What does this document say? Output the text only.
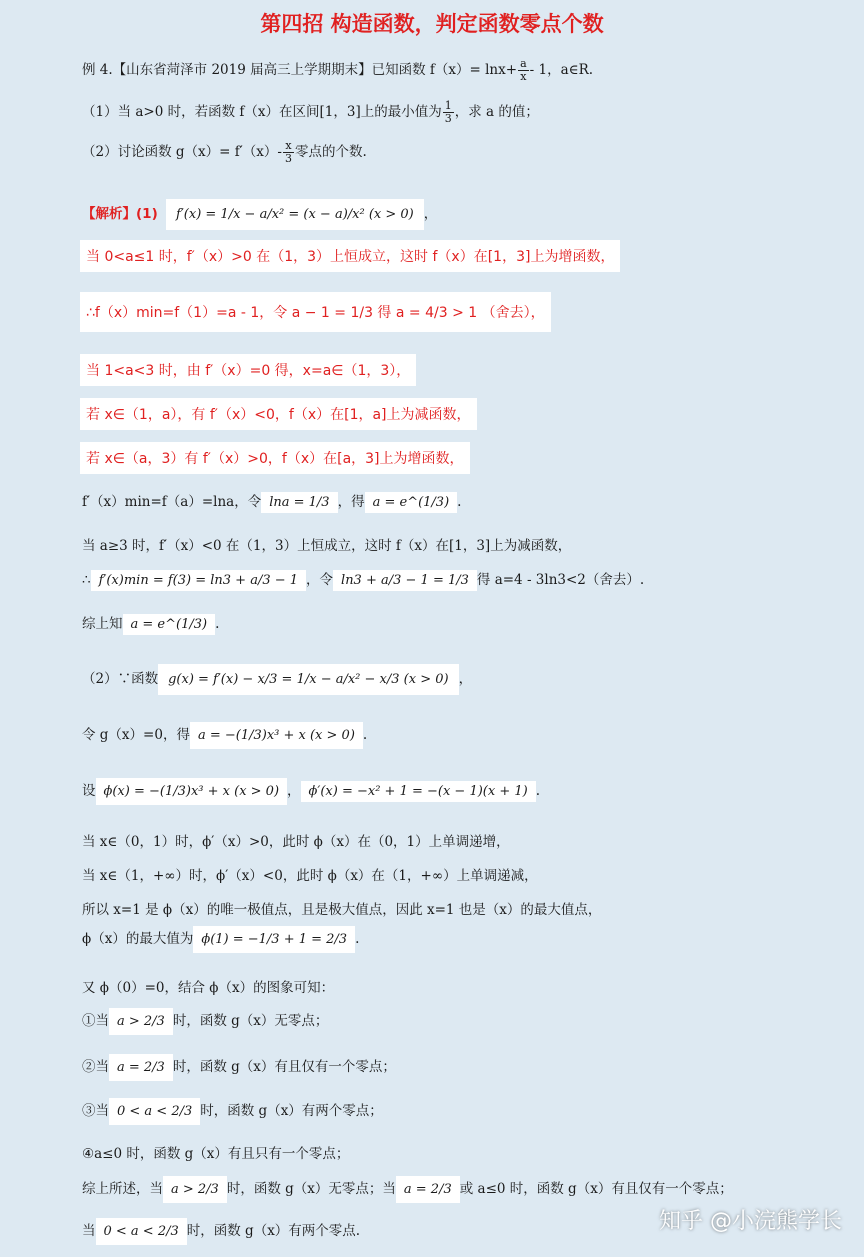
第四招 构造函数，判定函数零点个数
例 4.【山东省菏泽市 2019 届高三上学期期末】已知函数 $f(x)= \ln x+ \frac{a}{x} - 1$，a∈R.
（1）当 a>0 时，若函数 f（x）在区间[1，3]上的最小值为 $\frac{1}{3}$ ，求 a 的值；
（2）讨论函数 $g(x)= f'(x)- \frac{x}{3}$ 零点的个数.
【解析】(1) f′(x) = 1/x − a/x² = (x − a)/x² (x > 0) ，
当 0<a≤1 时，f′（x）>0 在（1，3）上恒成立，这时 f（x）在[1，3]上为增函数，
∴f（x）min=f（1）=a - 1，令 a − 1 = 1/3 得 a = 4/3 > 1 （舍去），
当 1<a<3 时，由 f′（x）=0 得，x=a∈（1，3），
若 x∈（1，a），有 f′（x）<0，f（x）在[1，a]上为减函数，
若 x∈（a，3）有 f′（x）>0，f（x）在[a，3]上为增函数，
f′（x）min=f（a）=lna，令 lna = 1/3 ，得 a = e^(1/3) .
当 a≥3 时，f′（x）<0 在（1，3）上恒成立，这时 f（x）在[1，3]上为减函数，
∴ f′(x)min = f(3) = ln3 + a/3 − 1 ，令 ln3 + a/3 − 1 = 1/3 得 a=4 - 3ln3<2（舍去）.
综上知 a = e^(1/3) .
（2）∵函数 g(x) = f′(x) − x/3 = 1/x − a/x² − x/3 (x > 0) ，
令 g（x）=0，得 a = −(1/3)x³ + x (x > 0) .
设 ϕ(x) = −(1/3)x³ + x (x > 0) ， ϕ′(x) = −x² + 1 = −(x − 1)(x + 1) .
当 x∈（0，1）时，ϕ′（x）>0，此时 ϕ（x）在（0，1）上单调递增，
当 x∈（1，+∞）时，ϕ′（x）<0，此时 ϕ（x）在（1，+∞）上单调递减，
所以 x=1 是 ϕ（x）的唯一极值点，且是极大值点，因此 x=1 也是（x）的最大值点，
ϕ（x）的最大值为 ϕ(1) = −1/3 + 1 = 2/3 .
又 ϕ（0）=0，结合 ϕ（x）的图象可知：
①当 a > 2/3 时，函数 g（x）无零点；
②当 a = 2/3 时，函数 g（x）有且仅有一个零点；
③当 0 < a < 2/3 时，函数 g（x）有两个零点；
④a≤0 时，函数 g（x）有且只有一个零点；
综上所述，当 a > 2/3 时，函数 g（x）无零点；当 a = 2/3 或 a≤0 时，函数 g（x）有且仅有一个零点；
当 0 < a < 2/3 时，函数 g（x）有两个零点.	知乎 @小浣熊学长
